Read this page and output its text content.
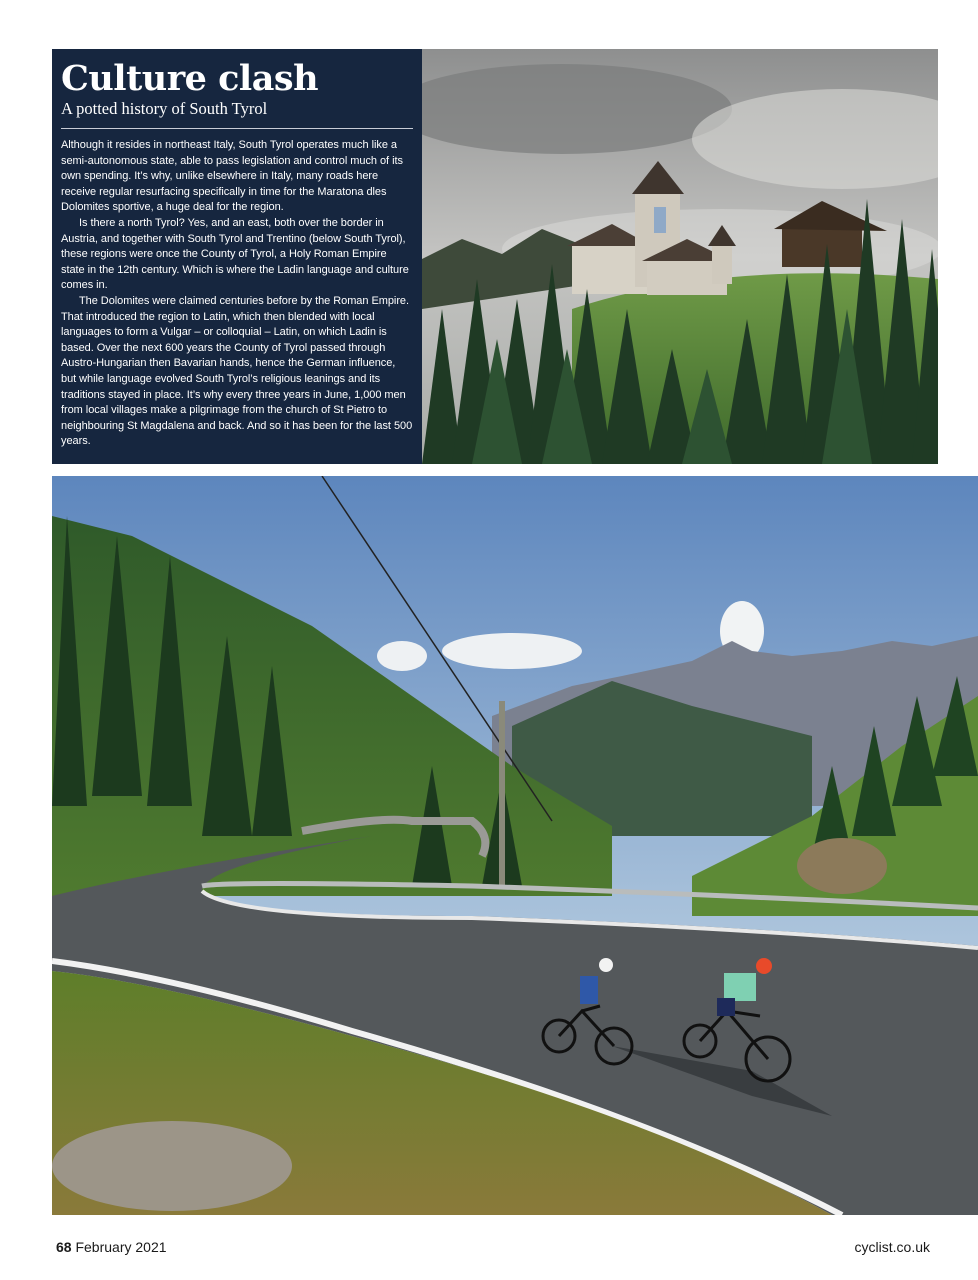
Culture clash
A potted history of South Tyrol

Although it resides in northeast Italy, South Tyrol operates much like a semi-autonomous state, able to pass legislation and control much of its own spending. It’s why, unlike elsewhere in Italy, many roads here receive regular resurfacing specifically in time for the Maratona dles Dolomites sportive, a huge deal for the region.

Is there a north Tyrol? Yes, and an east, both over the border in Austria, and together with South Tyrol and Trentino (below South Tyrol), these regions were once the County of Tyrol, a Holy Roman Empire state in the 12th century. Which is where the Ladin language and culture comes in.

The Dolomites were claimed centuries before by the Roman Empire. That introduced the region to Latin, which then blended with local languages to form a Vulgar – or colloquial – Latin, on which Ladin is based. Over the next 600 years the County of Tyrol passed through Austro-Hungarian then Bavarian hands, hence the German influence, but while language evolved South Tyrol’s religious leanings and its traditions stayed in place. It’s why every three years in June, 1,000 men from local villages make a pilgrimage from the church of St Pietro to neighbouring St Magdalena and back. And so it has been for the last 500 years.

68 February 2021	cyclist.co.uk
